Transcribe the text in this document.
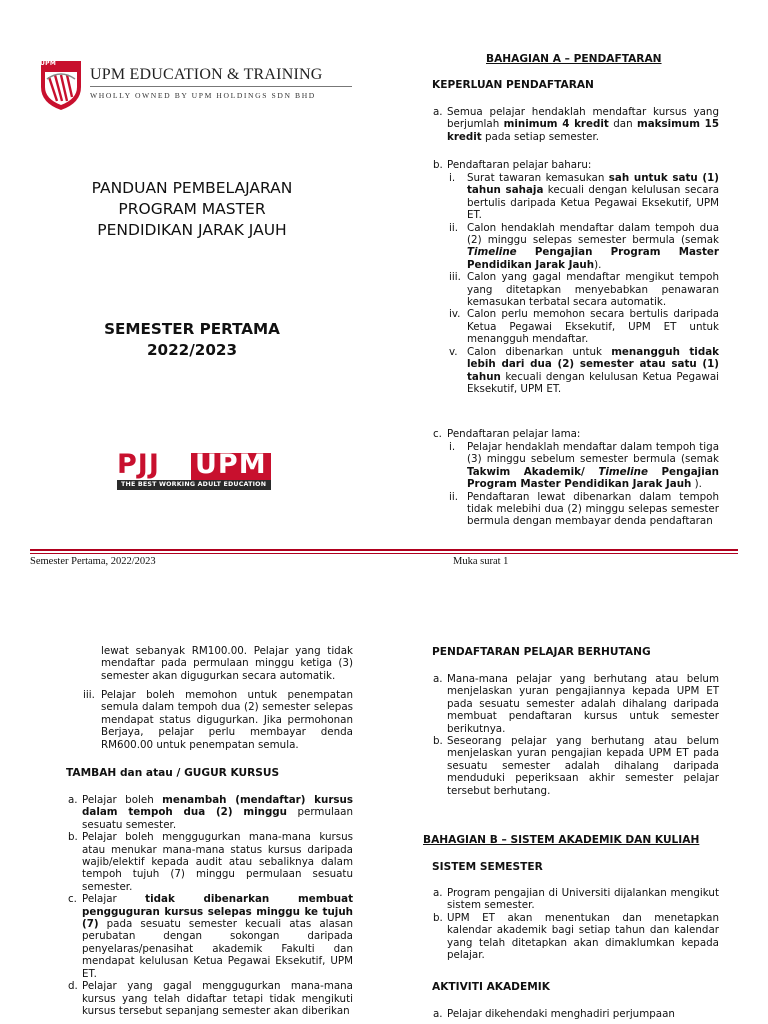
UPM
UPM EDUCATION & TRAINING
WHOLLY OWNED BY UPM HOLDINGS SDN BHD
PANDUAN PEMBELAJARAN
PROGRAM MASTER
PENDIDIKAN JARAK JAUH
SEMESTER PERTAMA
2022/2023
PJJ UPM
THE BEST WORKING ADULT EDUCATION
BAHAGIAN A – PENDAFTARAN
KEPERLUAN PENDAFTARAN

a. Semua pelajar hendaklah mendaftar kursus yang berjumlah minimum 4 kredit dan maksimum 15 kredit pada setiap semester.

b. Pendaftaran pelajar baharu:

i. Surat tawaran kemasukan sah untuk satu (1) tahun sahaja kecuali dengan kelulusan secara bertulis daripada Ketua Pegawai Eksekutif, UPM ET.

ii. Calon hendaklah mendaftar dalam tempoh dua (2) minggu selepas semester bermula (semak Timeline Pengajian Program Master Pendidikan Jarak Jauh).

iii. Calon yang gagal mendaftar mengikut tempoh yang ditetapkan menyebabkan penawaran kemasukan terbatal secara automatik.

iv. Calon perlu memohon secara bertulis daripada Ketua Pegawai Eksekutif, UPM ET untuk menangguh mendaftar.

v. Calon dibenarkan untuk menangguh tidak lebih dari dua (2) semester atau satu (1) tahun kecuali dengan kelulusan Ketua Pegawai Eksekutif, UPM ET.

c. Pendaftaran pelajar lama:

i. Pelajar hendaklah mendaftar dalam tempoh tiga (3) minggu sebelum semester bermula (semak Takwim Akademik/ Timeline Pengajian Program Master Pendidikan Jarak Jauh ).

ii. Pendaftaran lewat dibenarkan dalam tempoh tidak melebihi dua (2) minggu selepas semester bermula dengan membayar denda pendaftaran

Semester Pertama, 2022/2023	Muka surat 1
lewat sebanyak RM100.00. Pelajar yang tidak mendaftar pada permulaan minggu ketiga (3) semester akan digugurkan secara automatik.

iii. Pelajar boleh memohon untuk penempatan semula dalam tempoh dua (2) semester selepas mendapat status digugurkan. Jika permohonan Berjaya, pelajar perlu membayar denda RM600.00 untuk penempatan semula.

TAMBAH dan atau / GUGUR KURSUS

a. Pelajar boleh menambah (mendaftar) kursus dalam tempoh dua (2) minggu permulaan sesuatu semester.

b. Pelajar boleh menggugurkan mana-mana kursus atau menukar mana-mana status kursus daripada wajib/elektif kepada audit atau sebaliknya dalam tempoh tujuh (7) minggu permulaan sesuatu semester.

c. Pelajar tidak dibenarkan membuat pengguguran kursus selepas minggu ke tujuh (7) pada sesuatu semester kecuali atas alasan perubatan dengan sokongan daripada penyelaras/penasihat akademik Fakulti dan mendapat kelulusan Ketua Pegawai Eksekutif, UPM ET.

d. Pelajar yang gagal menggugurkan mana-mana kursus yang telah didaftar tetapi tidak mengikuti kursus tersebut sepanjang semester akan diberikan

PENDAFTARAN PELAJAR BERHUTANG

a. Mana-mana pelajar yang berhutang atau belum menjelaskan yuran pengajiannya kepada UPM ET pada sesuatu semester adalah dihalang daripada membuat pendaftaran kursus untuk semester berikutnya.

b. Seseorang pelajar yang berhutang atau belum menjelaskan yuran pengajian kepada UPM ET pada sesuatu semester adalah dihalang daripada menduduki peperiksaan akhir semester pelajar tersebut berhutang.

BAHAGIAN B – SISTEM AKADEMIK DAN KULIAH
SISTEM SEMESTER

a. Program pengajian di Universiti dijalankan mengikut sistem semester.

b. UPM ET akan menentukan dan menetapkan kalendar akademik bagi setiap tahun dan kalendar yang telah ditetapkan akan dimaklumkan kepada pelajar.

AKTIVITI AKADEMIK

a. Pelajar dikehendaki menghadiri perjumpaan
